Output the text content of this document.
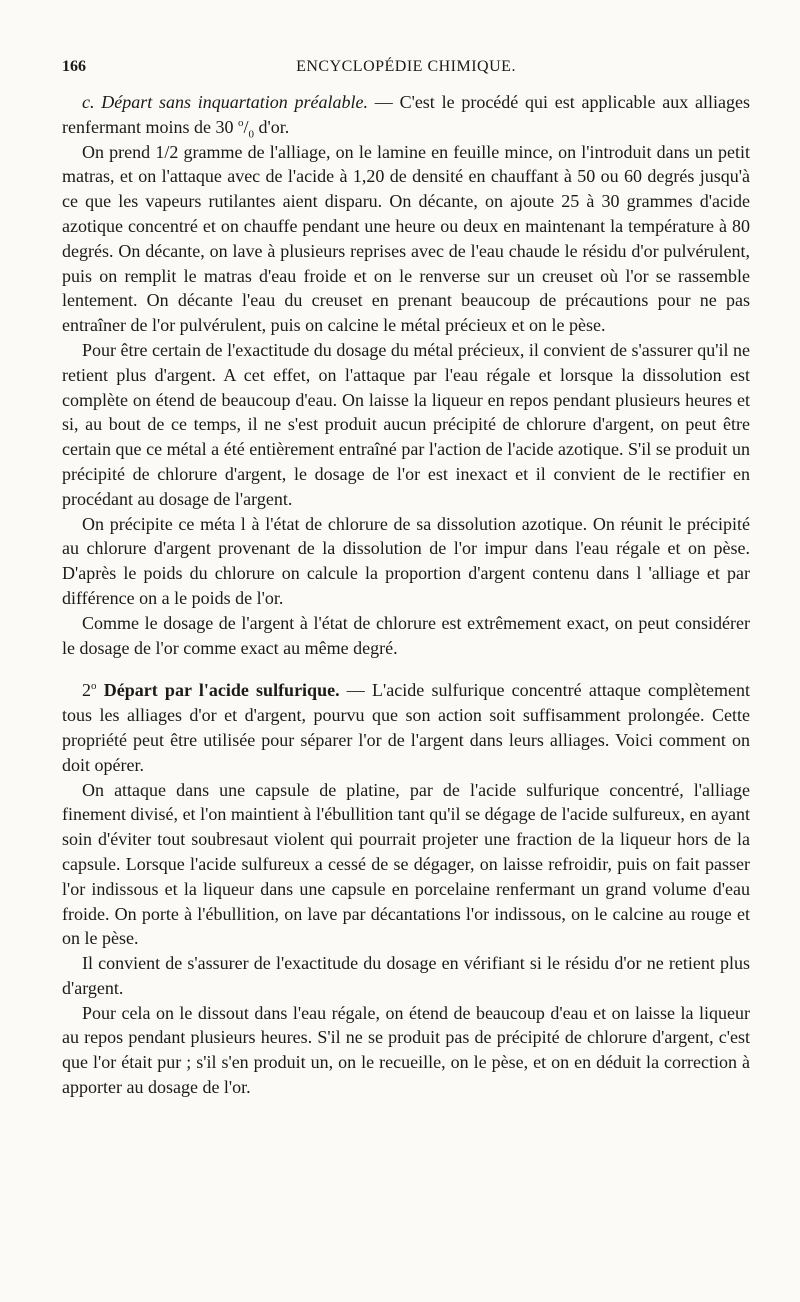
166	ENCYCLOPÉDIE CHIMIQUE.

c. Départ sans inquartation préalable. — C'est le procédé qui est applicable aux alliages renfermant moins de 30 $^o/_0$ d'or.

On prend 1/2 gramme de l'alliage, on le lamine en feuille mince, on l'introduit dans un petit matras, et on l'attaque avec de l'acide à 1,20 de densité en chauffant à 50 ou 60 degrés jusqu'à ce que les vapeurs rutilantes aient disparu. On décante, on ajoute 25 à 30 grammes d'acide azotique concentré et on chauffe pendant une heure ou deux en maintenant la température à 80 degrés. On décante, on lave à plusieurs reprises avec de l'eau chaude le résidu d'or pulvérulent, puis on remplit le matras d'eau froide et on le renverse sur un creuset où l'or se rassemble lentement. On décante l'eau du creuset en prenant beaucoup de précautions pour ne pas entraîner de l'or pulvérulent, puis on calcine le métal précieux et on le pèse.

Pour être certain de l'exactitude du dosage du métal précieux, il convient de s'assurer qu'il ne retient plus d'argent. A cet effet, on l'attaque par l'eau régale et lorsque la dissolution est complète on étend de beaucoup d'eau. On laisse la liqueur en repos pendant plusieurs heures et si, au bout de ce temps, il ne s'est produit aucun précipité de chlorure d'argent, on peut être certain que ce métal a été entièrement entraîné par l'action de l'acide azotique. S'il se produit un précipité de chlorure d'argent, le dosage de l'or est inexact et il convient de le rectifier en procédant au dosage de l'argent.

On précipite ce méta l à l'état de chlorure de sa dissolution azotique. On réunit le précipité au chlorure d'argent provenant de la dissolution de l'or impur dans l'eau régale et on pèse. D'après le poids du chlorure on calcule la proportion d'argent contenu dans l 'alliage et par différence on a le poids de l'or.

Comme le dosage de l'argent à l'état de chlorure est extrêmement exact, on peut considérer le dosage de l'or comme exact au même degré.

2$^o$ Départ par l'acide sulfurique. — L'acide sulfurique concentré attaque complètement tous les alliages d'or et d'argent, pourvu que son action soit suffisamment prolongée. Cette propriété peut être utilisée pour séparer l'or de l'argent dans leurs alliages. Voici comment on doit opérer.

On attaque dans une capsule de platine, par de l'acide sulfurique concentré, l'alliage finement divisé, et l'on maintient à l'ébullition tant qu'il se dégage de l'acide sulfureux, en ayant soin d'éviter tout soubresaut violent qui pourrait projeter une fraction de la liqueur hors de la capsule. Lorsque l'acide sulfureux a cessé de se dégager, on laisse refroidir, puis on fait passer l'or indissous et la liqueur dans une capsule en porcelaine renfermant un grand volume d'eau froide. On porte à l'ébullition, on lave par décantations l'or indissous, on le calcine au rouge et on le pèse.

Il convient de s'assurer de l'exactitude du dosage en vérifiant si le résidu d'or ne retient plus d'argent.

Pour cela on le dissout dans l'eau régale, on étend de beaucoup d'eau et on laisse la liqueur au repos pendant plusieurs heures. S'il ne se produit pas de précipité de chlorure d'argent, c'est que l'or était pur ; s'il s'en produit un, on le recueille, on le pèse, et on en déduit la correction à apporter au dosage de l'or.
